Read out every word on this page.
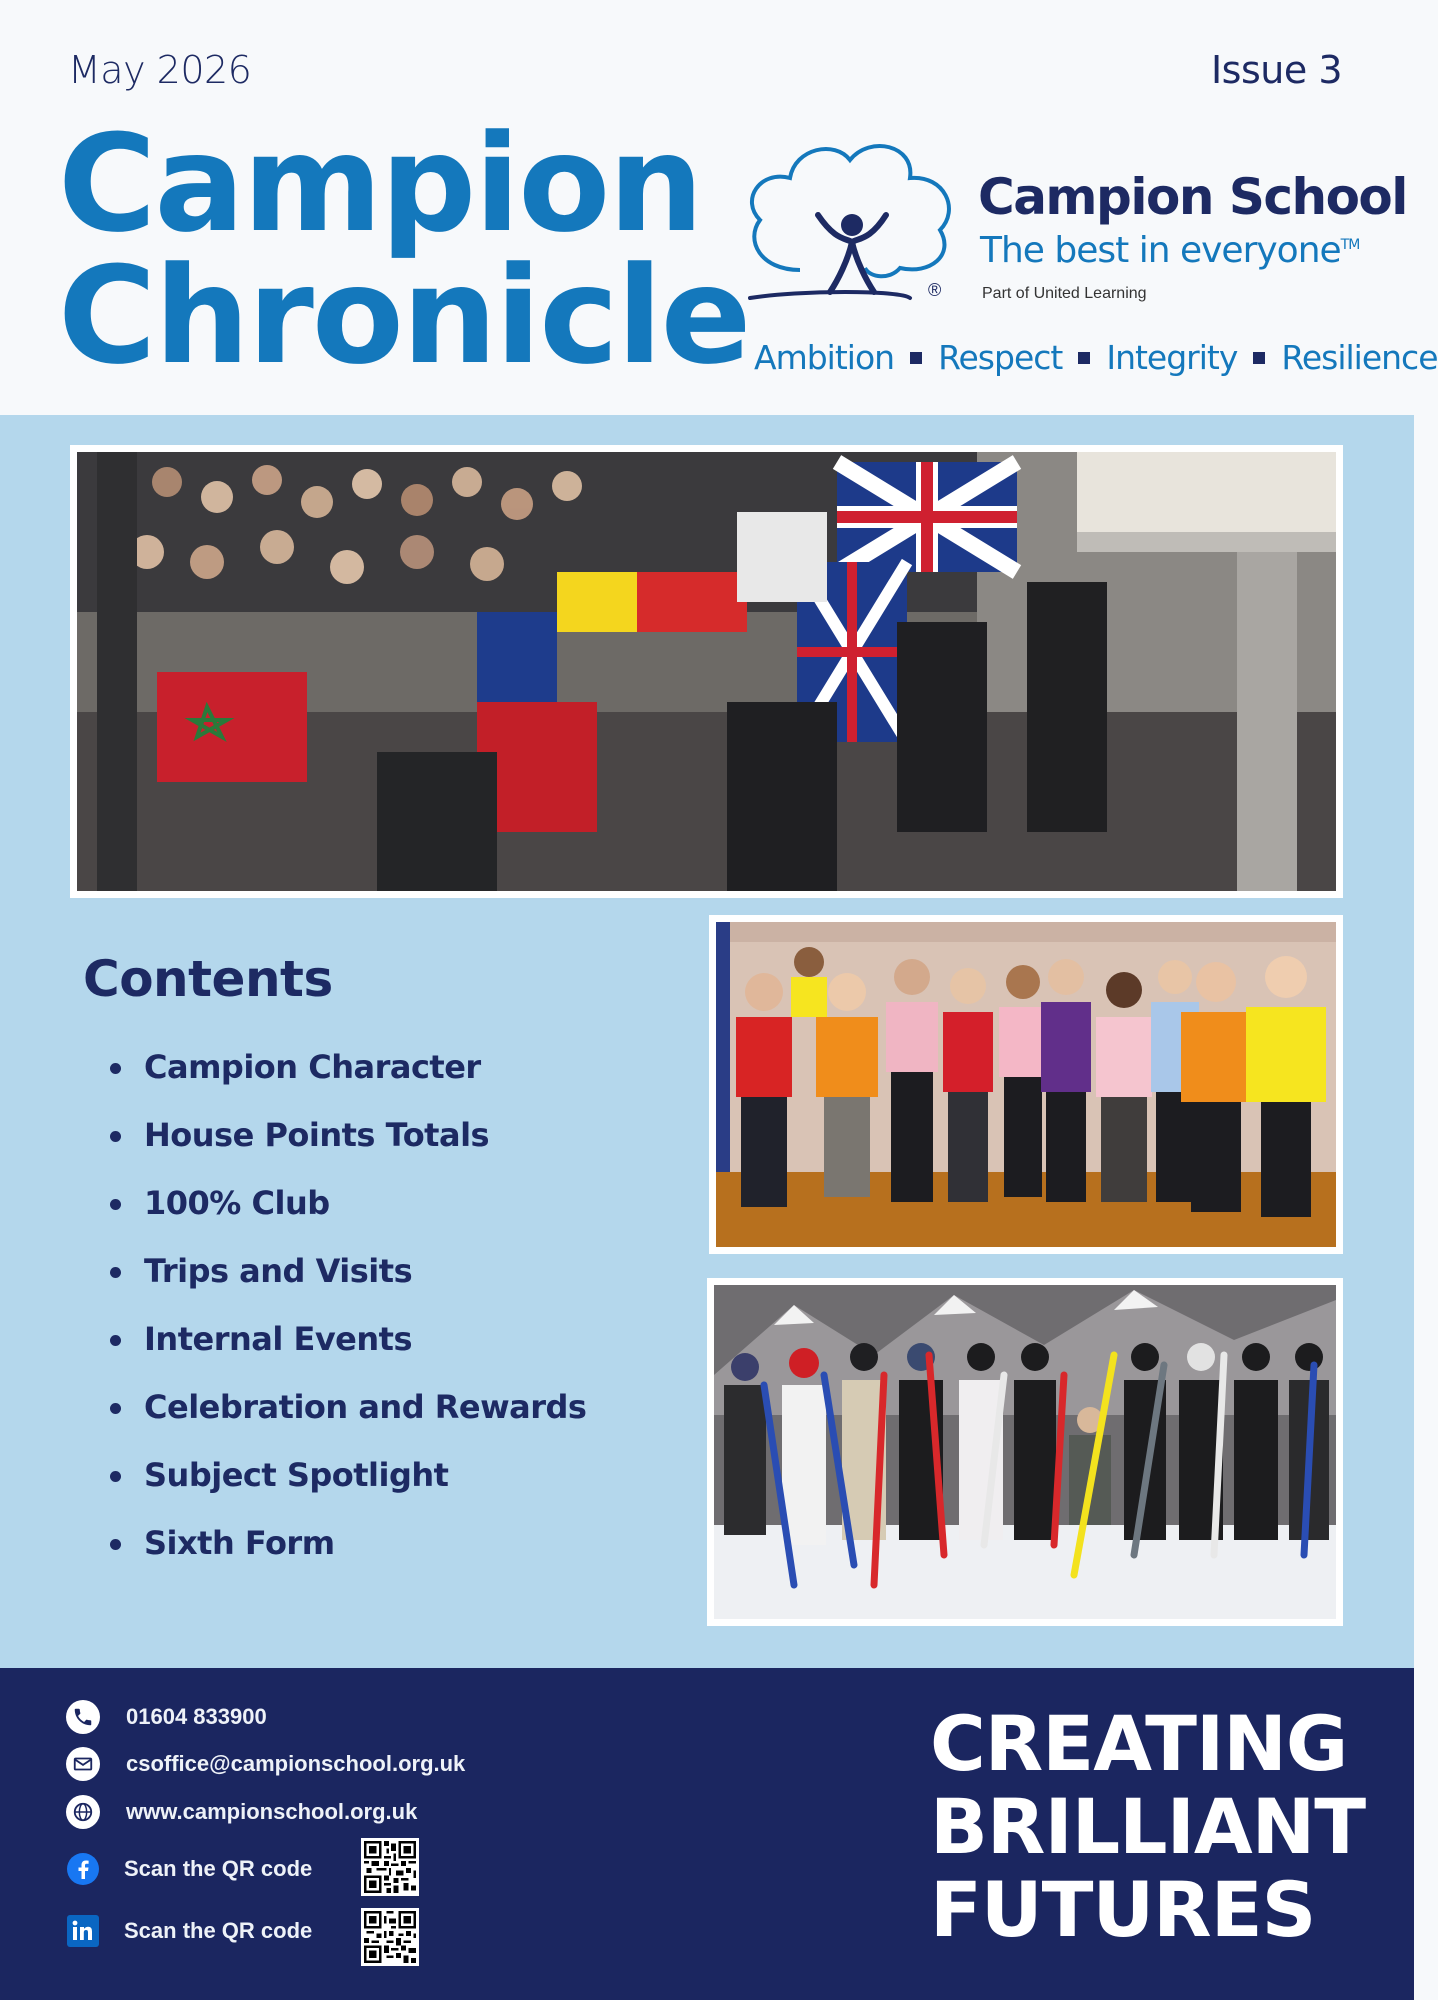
May 2026	Issue 3
Campion
Chronicle	®
Campion School
The best in everyone™
Part of United Learning
Ambition Respect Integrity Resilience
Contents
Campion Character
House Points Totals
100% Club
Trips and Visits
Internal Events
Celebration and Rewards
Subject Spotlight
Sixth Form
01604 833900
csoffice@campionschool.org.uk
www.campionschool.org.uk
Scan the QR code
Scan the QR code
CREATING
BRILLIANT
FUTURES
